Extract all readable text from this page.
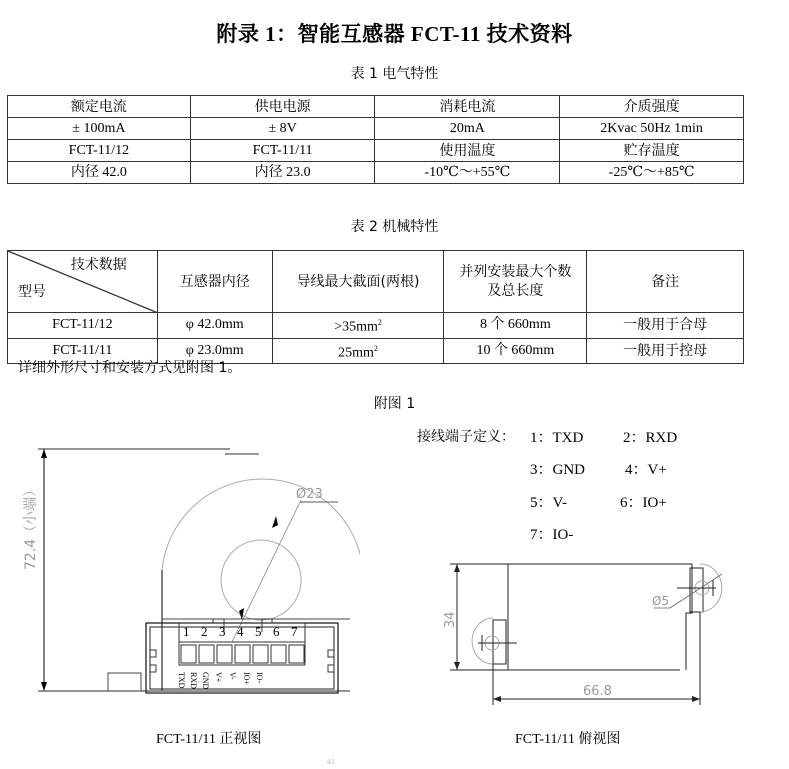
附录 1：智能互感器 FCT-11 技术资料
表 1 电气特性
额定电流	供电电源	消耗电流	介质强度
± 100mA	± 8V	20mA	2Kvac 50Hz 1min
FCT-11/12	FCT-11/11	使用温度	贮存温度
内径 42.0	内径 23.0	-10℃～+55℃	-25℃～+85℃
表 2 机械特性
技术数据
型号	互感器内径	导线最大截面(两根)	并列安装最大个数及总长度	备注
FCT-11/12	φ 42.0mm	$>35mm^2$	8 个 660mm	一般用于合母
FCT-11/11	φ 23.0mm	$25mm^2$	10 个 660mm	一般用于控母
详细外形尺寸和安装方式见附图 1。
附图 1
Ø23
72.4（小端）
1 2 3 4 5 6 7
TXD RXD GND V+ V- IO+ IO-
FCT-11/11 正视图
接线端子定义： 1：TXD	2：RXD
3：GND	4：V+
5：V-	6：IO+
7：IO-
Ø5
34
66.8
FCT-11/11 俯视图
41
